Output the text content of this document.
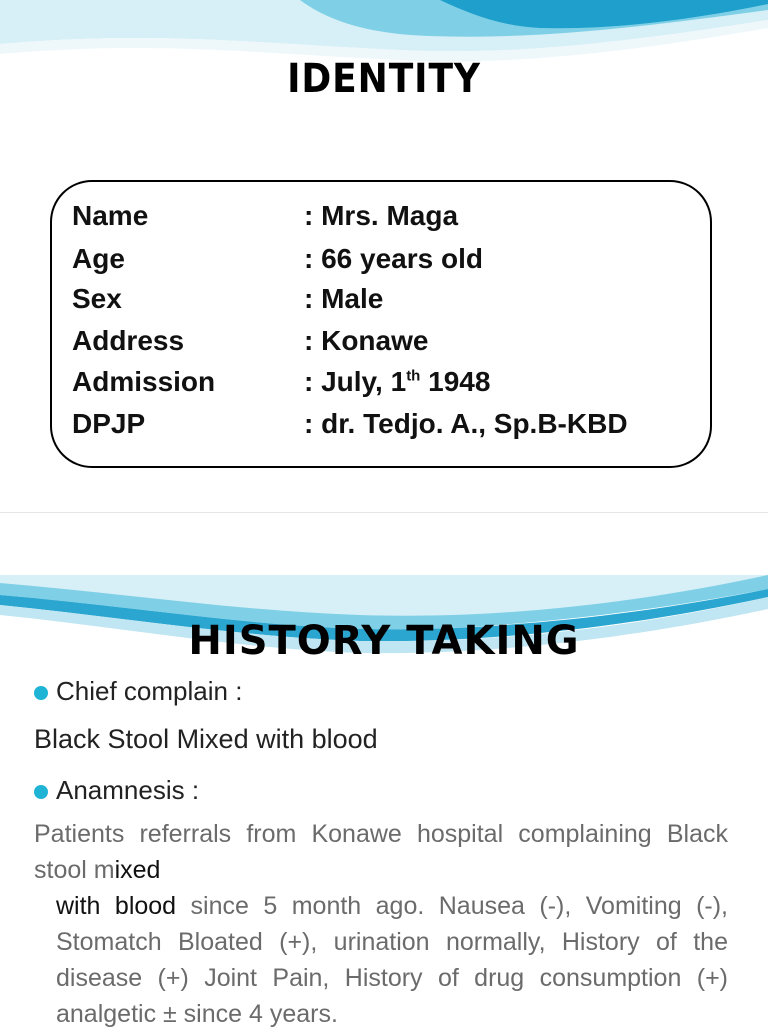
IDENTITY
Name	: Mrs. Maga
Age	: 66 years old
Sex	: Male
Address	: Konawe
Admission	: July, 1th 1948
DPJP	: dr. Tedjo. A., Sp.B-KBD
HISTORY TAKING
Chief complain :
Black Stool Mixed with blood
Anamnesis :
Patients referrals from Konawe hospital complaining Black stool mixed
with blood since 5 month ago. Nausea (-), Vomiting (-), Stomatch Bloated (+), urination normally, History of the disease (+) Joint Pain, History of drug consumption (+) analgetic ± since 4 years.
